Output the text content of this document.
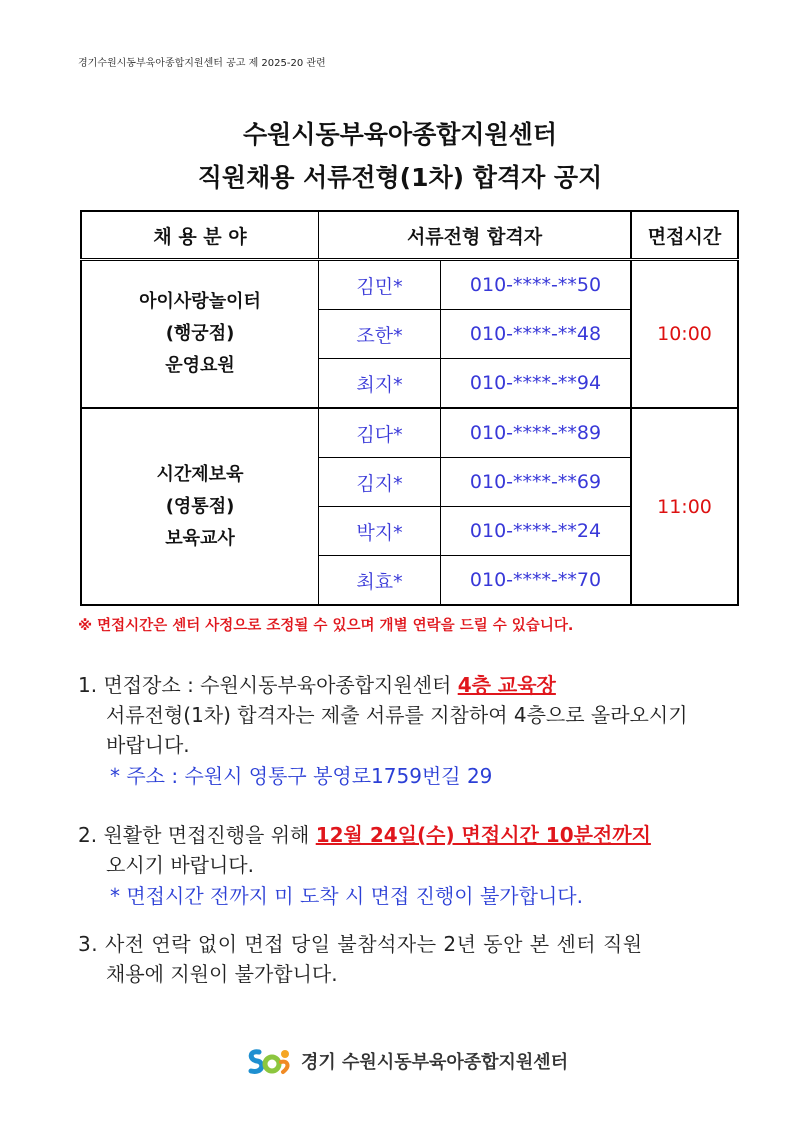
경기수원시동부육아종합지원센터 공고 제 2025-20 관련
수원시동부육아종합지원센터
직원채용 서류전형(1차) 합격자 공지
채 용 분 야	서류전형 합격자		면접시간

아이사랑놀이터
(행궁점)
운영요원	김민*	010-****-**50	10:00
	조한*	010-****-**48	
	최지*	010-****-**94	

시간제보육
(영통점)
보육교사	김다*	010-****-**89	11:00
	김지*	010-****-**69	
	박지*	010-****-**24	
	최효*	010-****-**70	
※ 면접시간은 센터 사정으로 조정될 수 있으며 개별 연락을 드릴 수 있습니다.
1. 면접장소 : 수원시동부육아종합지원센터 4층 교육장
서류전형(1차) 합격자는 제출 서류를 지참하여 4층으로 올라오시기
바랍니다.
* 주소 : 수원시 영통구 봉영로1759번길 29
2. 원활한 면접진행을 위해 12월 24일(수) 면접시간 10분전까지
오시기 바랍니다.
* 면접시간 전까지 미 도착 시 면접 진행이 불가합니다.
3. 사전 연락 없이 면접 당일 불참석자는 2년 동안 본 센터 직원
채용에 지원이 불가합니다.
경기 수원시동부육아종합지원센터
